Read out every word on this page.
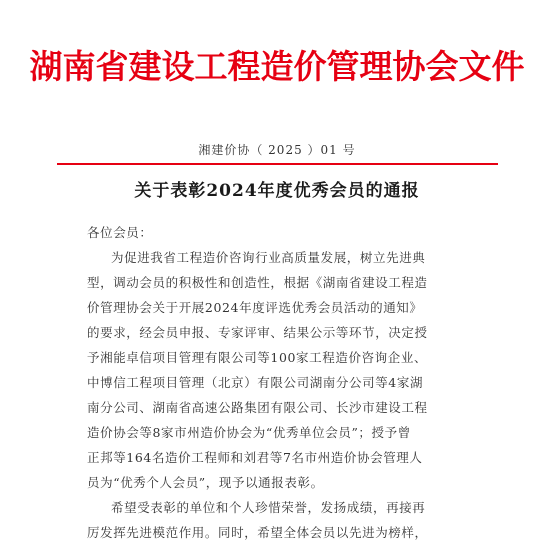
湖南省建设工程造价管理协会文件
湘建价协（ 2025 ）01 号
关于表彰2024年度优秀会员的通报
各位会员：
为促进我省工程造价咨询行业高质量发展，树立先进典
型，调动会员的积极性和创造性，根据《湖南省建设工程造
价管理协会关于开展2024年度评选优秀会员活动的通知》
的要求，经会员申报、专家评审、结果公示等环节，决定授
予湘能卓信项目管理有限公司等100家工程造价咨询企业、
中博信工程项目管理（北京）有限公司湖南分公司等4家湖
南分公司、湖南省高速公路集团有限公司、长沙市建设工程
造价协会等8家市州造价协会为“优秀单位会员”；授予曾
正邦等164名造价工程师和刘君等7名市州造价协会管理人
员为“优秀个人会员”，现予以通报表彰。
希望受表彰的单位和个人珍惜荣誉，发扬成绩，再接再
厉发挥先进模范作用。同时，希望全体会员以先进为榜样，
